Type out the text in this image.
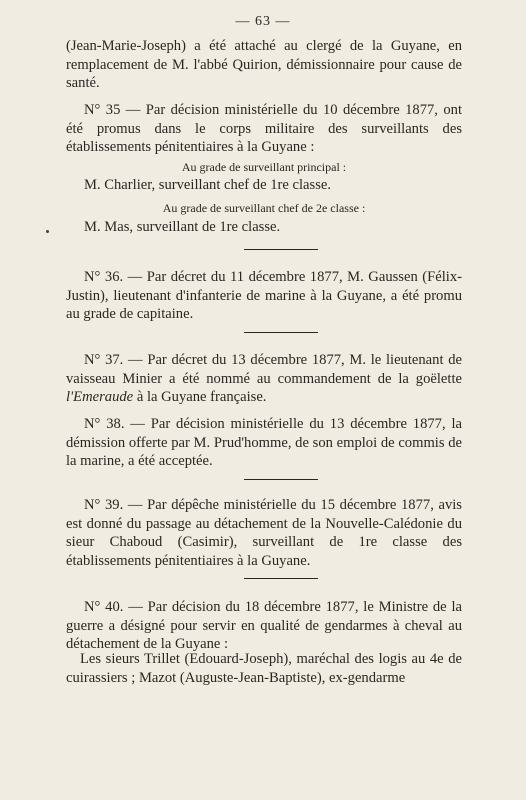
— 63 —
(Jean-Marie-Joseph) a été attaché au clergé de la Guyane, en remplacement de M. l'abbé Quirion, démissionnaire pour cause de santé.
N° 35 — Par décision ministérielle du 10 décembre 1877, ont été promus dans le corps militaire des surveillants des établissements pénitentiaires à la Guyane :
Au grade de surveillant principal :
M. Charlier, surveillant chef de 1re classe.
Au grade de surveillant chef de 2e classe :
M. Mas, surveillant de 1re classe.
N° 36. — Par décret du 11 décembre 1877, M. Gaussen (Félix-Justin), lieutenant d'infanterie de marine à la Guyane, a été promu au grade de capitaine.
N° 37. — Par décret du 13 décembre 1877, M. le lieutenant de vaisseau Minier a été nommé au commandement de la goëlette l'Emeraude à la Guyane française.
N° 38. — Par décision ministérielle du 13 décembre 1877, la démission offerte par M. Prud'homme, de son emploi de commis de la marine, a été acceptée.
N° 39. — Par dépêche ministérielle du 15 décembre 1877, avis est donné du passage au détachement de la Nouvelle-Calédonie du sieur Chaboud (Casimir), surveillant de 1re classe des établissements pénitentiaires à la Guyane.
N° 40. — Par décision du 18 décembre 1877, le Ministre de la guerre a désigné pour servir en qualité de gendarmes à cheval au détachement de la Guyane :
Les sieurs Trillet (Edouard-Joseph), maréchal des logis au 4e de cuirassiers ; Mazot (Auguste-Jean-Baptiste), ex-gendarme
